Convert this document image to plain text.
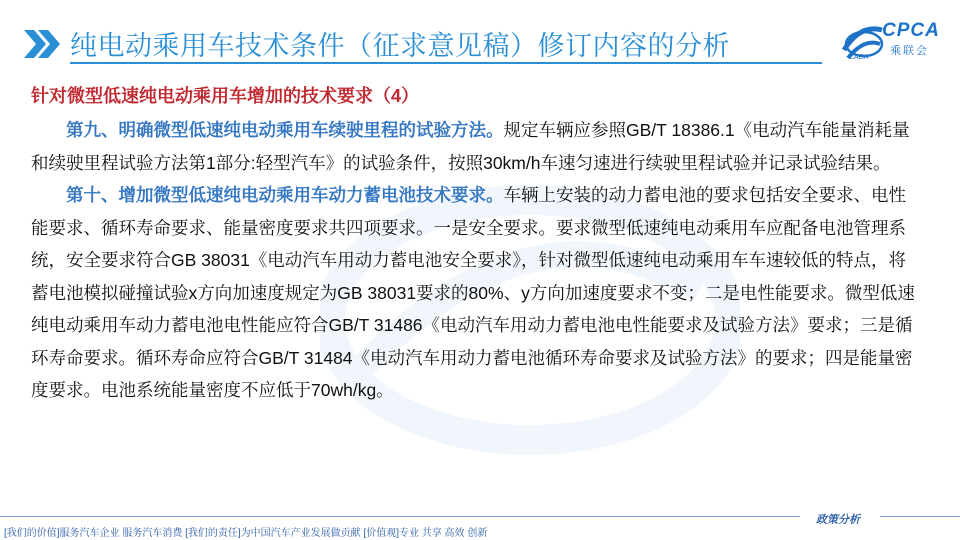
纯电动乘用车技术条件（征求意见稿）修订内容的分析
CPCA
乘联会
CADA
针对微型低速纯电动乘用车增加的技术要求（4）

第九、明确微型低速纯电动乘用车续驶里程的试验方法。规定车辆应参照GB/T 18386.1《电动汽车能量消耗量和续驶里程试验方法第1部分:轻型汽车》的试验条件，按照30km/h车速匀速进行续驶里程试验并记录试验结果。

第十、增加微型低速纯电动乘用车动力蓄电池技术要求。车辆上安装的动力蓄电池的要求包括安全要求、电性能要求、循环寿命要求、能量密度要求共四项要求。一是安全要求。要求微型低速纯电动乘用车应配备电池管理系统，安全要求符合GB 38031《电动汽车用动力蓄电池安全要求》，针对微型低速纯电动乘用车车速较低的特点，将蓄电池模拟碰撞试验x方向加速度规定为GB 38031要求的80%、y方向加速度要求不变；二是电性能要求。微型低速纯电动乘用车动力蓄电池电性能应符合GB/T 31486《电动汽车用动力蓄电池电性能要求及试验方法》要求；三是循环寿命要求。循环寿命应符合GB/T 31484《电动汽车用动力蓄电池循环寿命要求及试验方法》的要求；四是能量密度要求。电池系统能量密度不应低于70wh/kg。

政策分析
[我们的价值]服务汽车企业 服务汽车消费 [我们的责任]为中国汽车产业发展做贡献 [价值观]专业 共享 高效 创新
